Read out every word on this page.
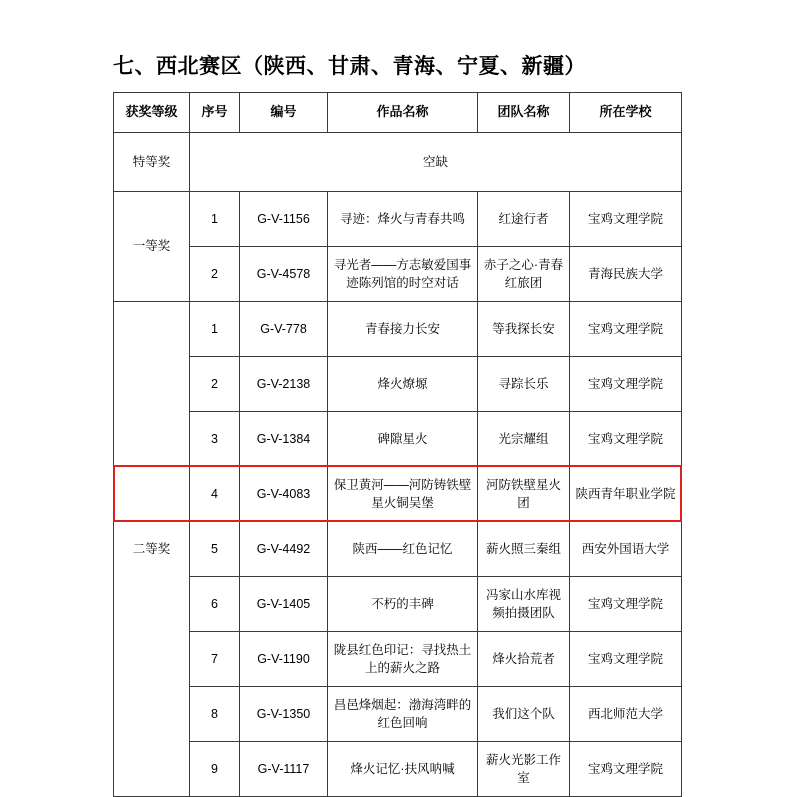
七、西北赛区（陕西、甘肃、青海、宁夏、新疆）
获奖等级	序号	编号	作品名称	团队名称	所在学校
特等奖	空缺				
一等奖	1	G-V-1156	寻迹：烽火与青春共鸣	红途行者	宝鸡文理学院
	2	G-V-4578	寻光者——方志敏爱国事迹陈列馆的时空对话	赤子之心·青春红旅团	青海民族大学
二等奖	1	G-V-778	青春接力长安	等我探长安	宝鸡文理学院
	2	G-V-2138	烽火燎塬	寻踪长乐	宝鸡文理学院
	3	G-V-1384	碑隙星火	光宗耀组	宝鸡文理学院
	4	G-V-4083	保卫黄河——河防铸铁壁　星火铜吴堡	河防铁壁星火团	陕西青年职业学院
	5	G-V-4492	陕西——红色记忆	薪火照三秦组	西安外国语大学
	6	G-V-1405	不朽的丰碑	冯家山水库视频拍摄团队	宝鸡文理学院
	7	G-V-1190	陇县红色印记：寻找热土上的薪火之路	烽火拾荒者	宝鸡文理学院
	8	G-V-1350	昌邑烽烟起：渤海湾畔的红色回响	我们这个队	西北师范大学
	9	G-V-1117	烽火记忆·扶风呐喊	薪火光影工作室	宝鸡文理学院
